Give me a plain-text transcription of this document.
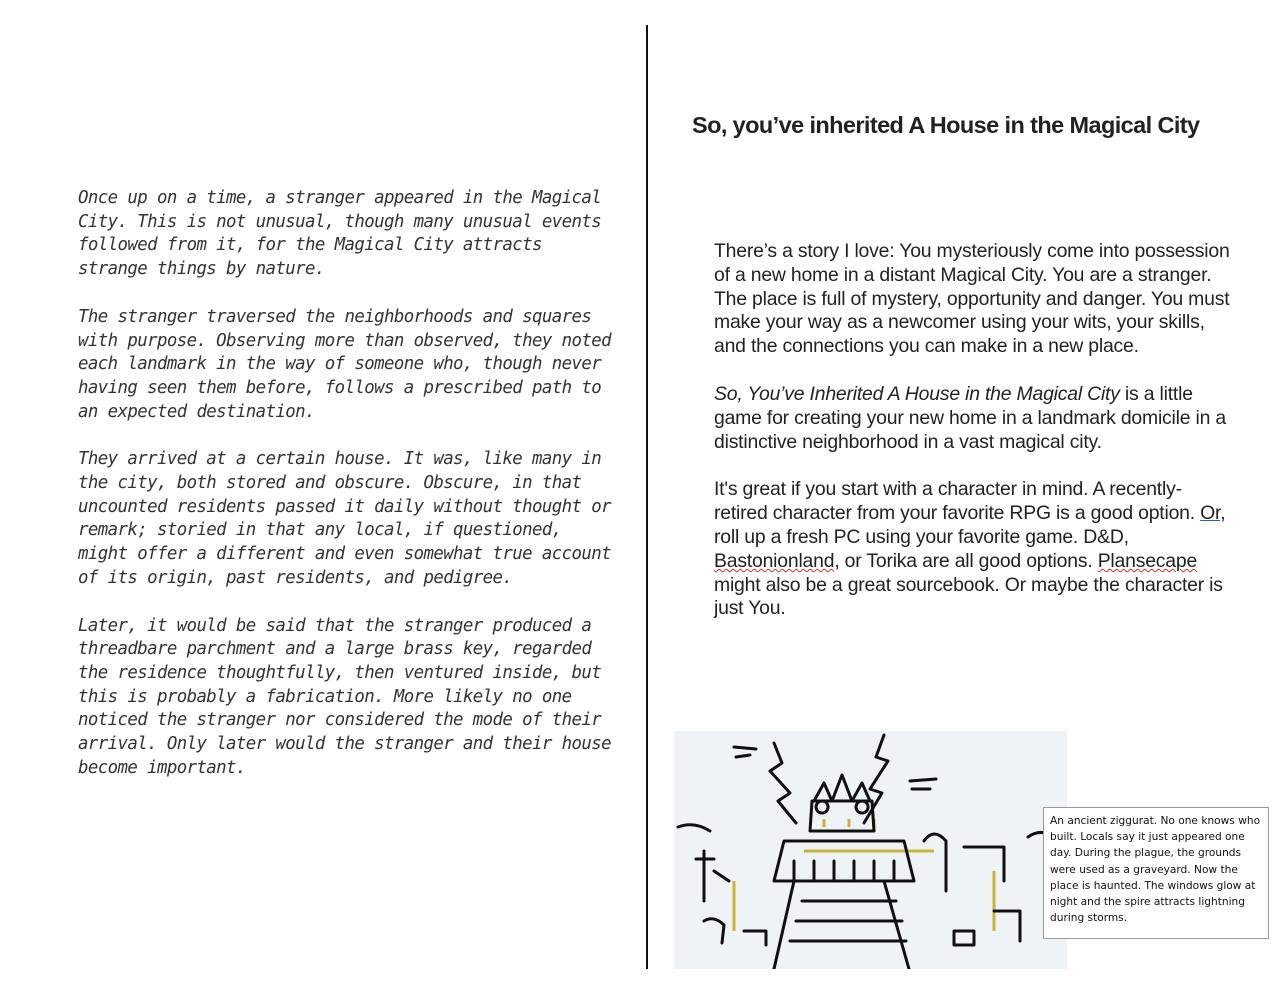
Once up on a time, a stranger appeared in the Magical City. This is not unusual, though many unusual events followed from it, for the Magical City attracts strange things by nature.

The stranger traversed the neighborhoods and squares with purpose. Observing more than observed, they noted each landmark in the way of someone who, though never having seen them before, follows a prescribed path to an expected destination.

They arrived at a certain house. It was, like many in the city, both stored and obscure. Obscure, in that uncounted residents passed it daily without thought or remark; storied in that any local, if questioned, might offer a different and even somewhat true account of its origin, past residents, and pedigree.

Later, it would be said that the stranger produced a threadbare parchment and a large brass key, regarded the residence thoughtfully, then ventured inside, but this is probably a fabrication. More likely no one noticed the stranger nor considered the mode of their arrival. Only later would the stranger and their house become important.

So, you’ve inherited A House in the Magical City

There’s a story I love: You mysteriously come into possession of a new home in a distant Magical City. You are a stranger. The place is full of mystery, opportunity and danger. You must make your way as a newcomer using your wits, your skills, and the connections you can make in a new place.

So, You’ve Inherited A House in the Magical City is a little game for creating your new home in a landmark domicile in a distinctive neighborhood in a vast magical city.

It's great if you start with a character in mind. A recently-retired character from your favorite RPG is a good option. Or, roll up a fresh PC using your favorite game. D&D, Bastonionland, or Torika are all good options. Plansecape might also be a great sourcebook. Or maybe the character is just You.

An ancient ziggurat. No one knows who built. Locals say it just appeared one day. During the plague, the grounds were used as a graveyard. Now the place is haunted. The windows glow at night and the spire attracts lightning during storms.
